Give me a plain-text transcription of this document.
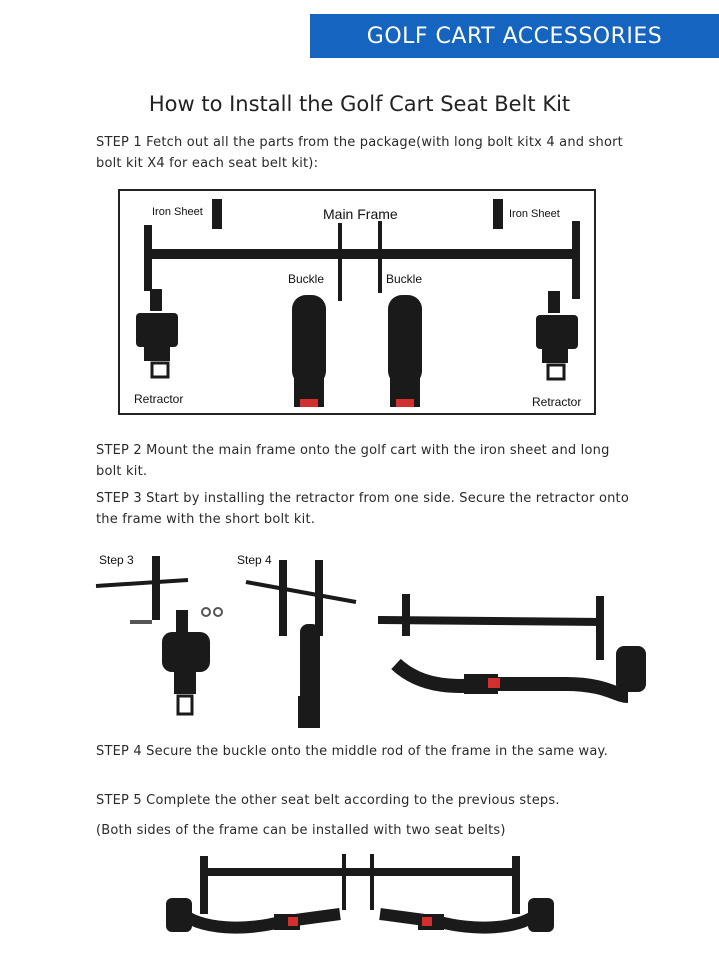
GOLF CART ACCESSORIES
How to Install the Golf Cart Seat Belt Kit
STEP 1 Fetch out all the parts from the package(with long bolt kitx 4 and short bolt kit X4 for each seat belt kit):
Iron Sheet	Iron Sheet
Main Frame
Buckle	Buckle
Retractor	Retractor
STEP 2 Mount the main frame onto the golf cart with the iron sheet and long bolt kit.
STEP 3 Start by installing the retractor from one side. Secure the retractor onto the frame with the short bolt kit.
Step 3	Step 4
STEP 4 Secure the buckle onto the middle rod of the frame in the same way.
STEP 5 Complete the other seat belt according to the previous steps.
(Both sides of the frame can be installed with two seat belts)
